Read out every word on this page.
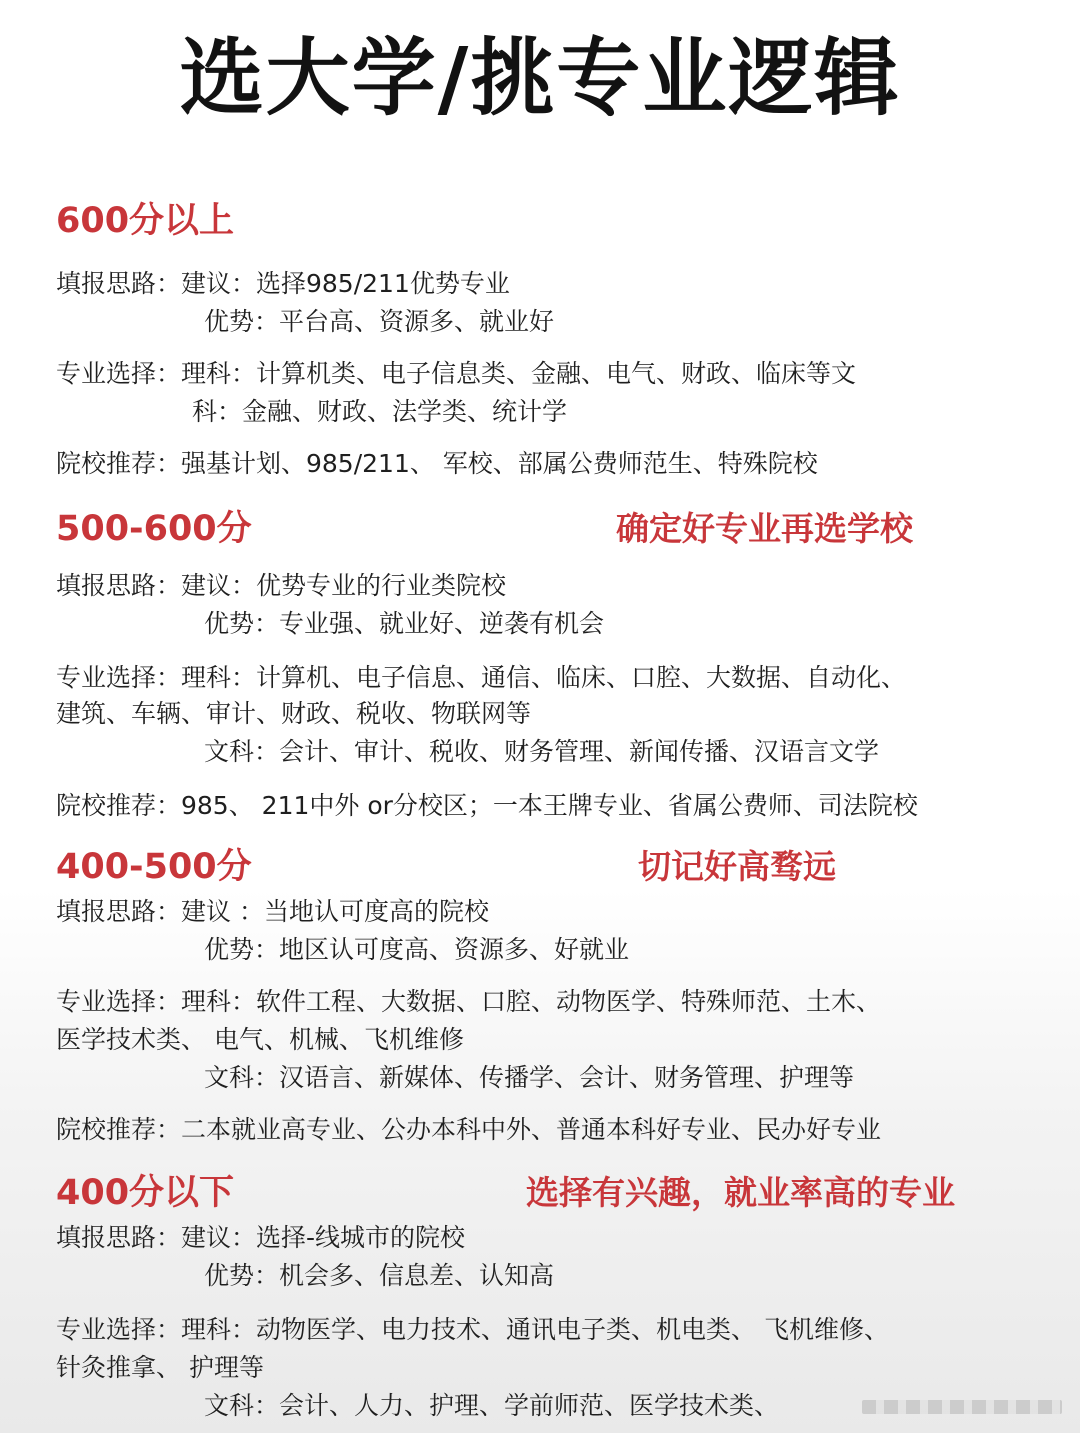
选大学/挑专业逻辑
600分以上
填报思路：建议：选择985/211优势专业
优势：平台高、资源多、就业好
专业选择：理科：计算机类、电子信息类、金融、电气、财政、临床等文
科：金融、财政、法学类、统计学
院校推荐：强基计划、985/211、 军校、部属公费师范生、特殊院校
500-600分	确定好专业再选学校
填报思路：建议：优势专业的行业类院校
优势：专业强、就业好、逆袭有机会
专业选择：理科：计算机、电子信息、通信、临床、口腔、大数据、自动化、
建筑、车辆、审计、财政、税收、物联网等
文科：会计、审计、税收、财务管理、新闻传播、汉语言文学
院校推荐：985、 211中外 or分校区；一本王牌专业、省属公费师、司法院校
400-500分	切记好高骛远
填报思路：建议 ：当地认可度高的院校
优势：地区认可度高、资源多、好就业
专业选择：理科：软件工程、大数据、口腔、动物医学、特殊师范、土木、
医学技术类、 电气、机械、飞机维修
文科：汉语言、新媒体、传播学、会计、财务管理、护理等
院校推荐：二本就业高专业、公办本科中外、普通本科好专业、民办好专业
400分以下	选择有兴趣，就业率高的专业
填报思路：建议：选择-线城市的院校
优势：机会多、信息差、认知高
专业选择：理科：动物医学、电力技术、通讯电子类、机电类、 飞机维修、
针灸推拿、 护理等
文科：会计、人力、护理、学前师范、医学技术类、
